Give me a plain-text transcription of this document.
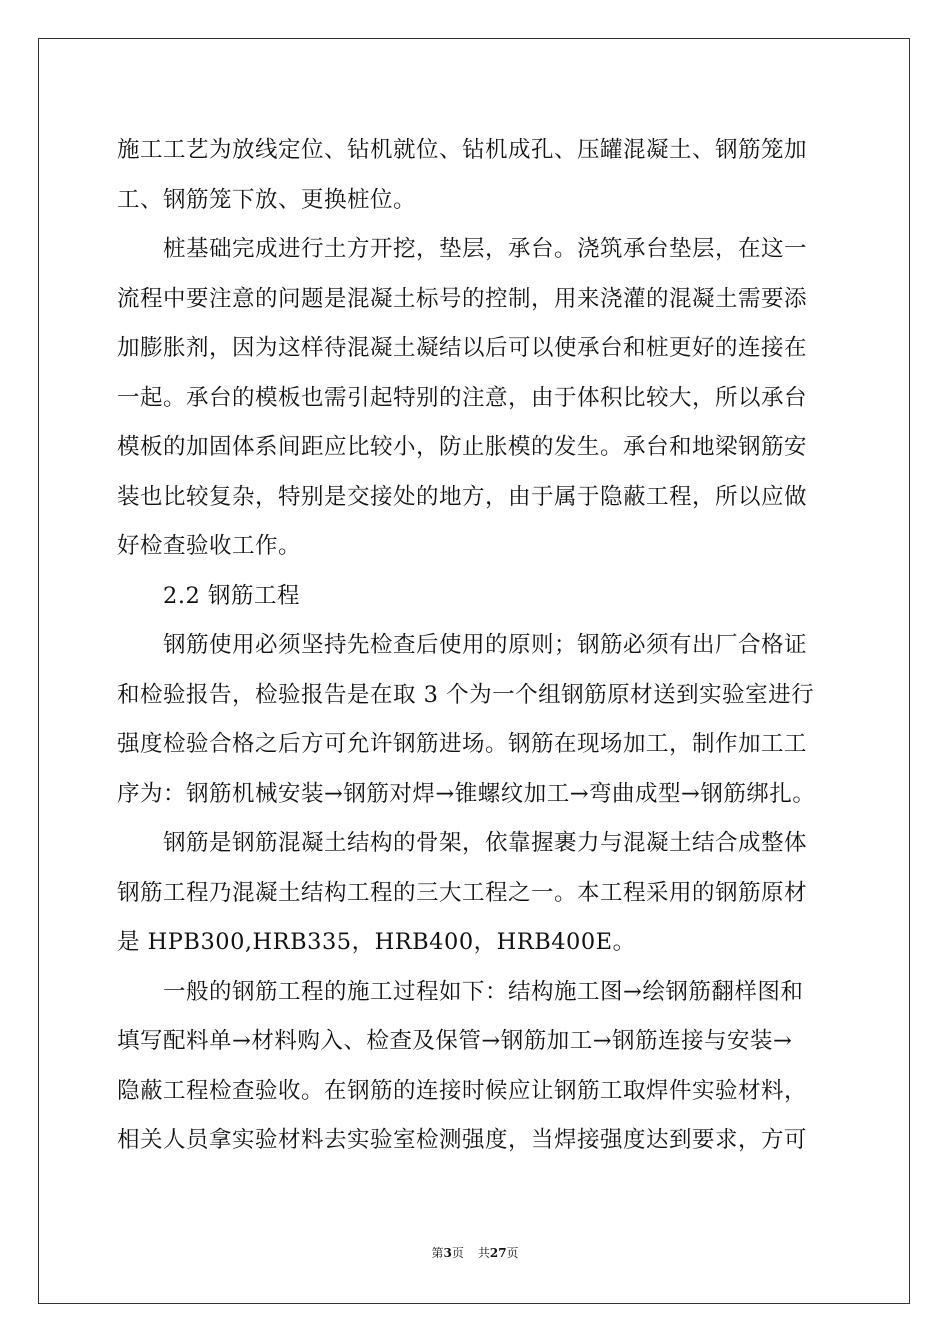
施工工艺为放线定位、钻机就位、钻机成孔、压罐混凝土、钢筋笼加
工、钢筋笼下放、更换桩位。
　　桩基础完成进行土方开挖，垫层，承台。浇筑承台垫层，在这一
流程中要注意的问题是混凝土标号的控制，用来浇灌的混凝土需要添
加膨胀剂，因为这样待混凝土凝结以后可以使承台和桩更好的连接在
一起。承台的模板也需引起特别的注意，由于体积比较大，所以承台
模板的加固体系间距应比较小，防止胀模的发生。承台和地梁钢筋安
装也比较复杂，特别是交接处的地方，由于属于隐蔽工程，所以应做
好检查验收工作。
　　2.2 钢筋工程
　　钢筋使用必须坚持先检查后使用的原则；钢筋必须有出厂合格证
和检验报告，检验报告是在取 3 个为一个组钢筋原材送到实验室进行
强度检验合格之后方可允许钢筋进场。钢筋在现场加工，制作加工工
序为：钢筋机械安装→钢筋对焊→锥螺纹加工→弯曲成型→钢筋绑扎。
　　钢筋是钢筋混凝土结构的骨架，依靠握裹力与混凝土结合成整体
钢筋工程乃混凝土结构工程的三大工程之一。本工程采用的钢筋原材
是 HPB300,HRB335，HRB400，HRB400E。
　　一般的钢筋工程的施工过程如下：结构施工图→绘钢筋翻样图和
填写配料单→材料购入、检查及保管→钢筋加工→钢筋连接与安装→
隐蔽工程检查验收。在钢筋的连接时候应让钢筋工取焊件实验材料，
相关人员拿实验材料去实验室检测强度，当焊接强度达到要求，方可
第3页 共27页
